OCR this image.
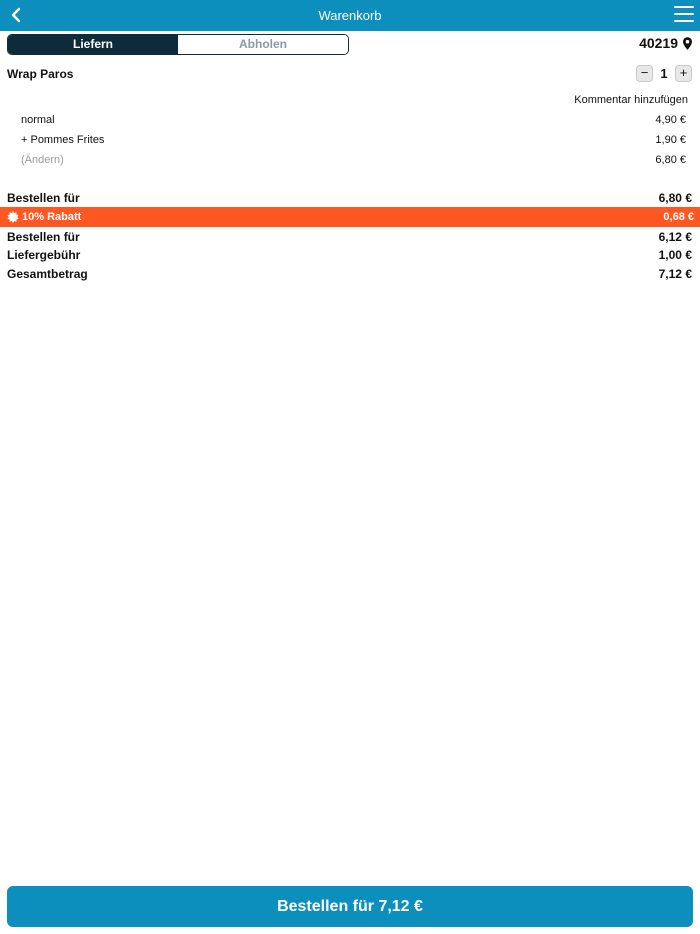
Warenkorb
Liefern	Abholen	40219
Wrap Paros	− 1 +
Kommentar hinzufügen
normal	4,90 €
+ Pommes Frites	1,90 €
(Ändern)	6,80 €
Bestellen für	6,80 €
10% Rabatt	0,68 €
Bestellen für	6,12 €
Liefergebühr	1,00 €
Gesamtbetrag	7,12 €
Bestellen für 7,12 €
